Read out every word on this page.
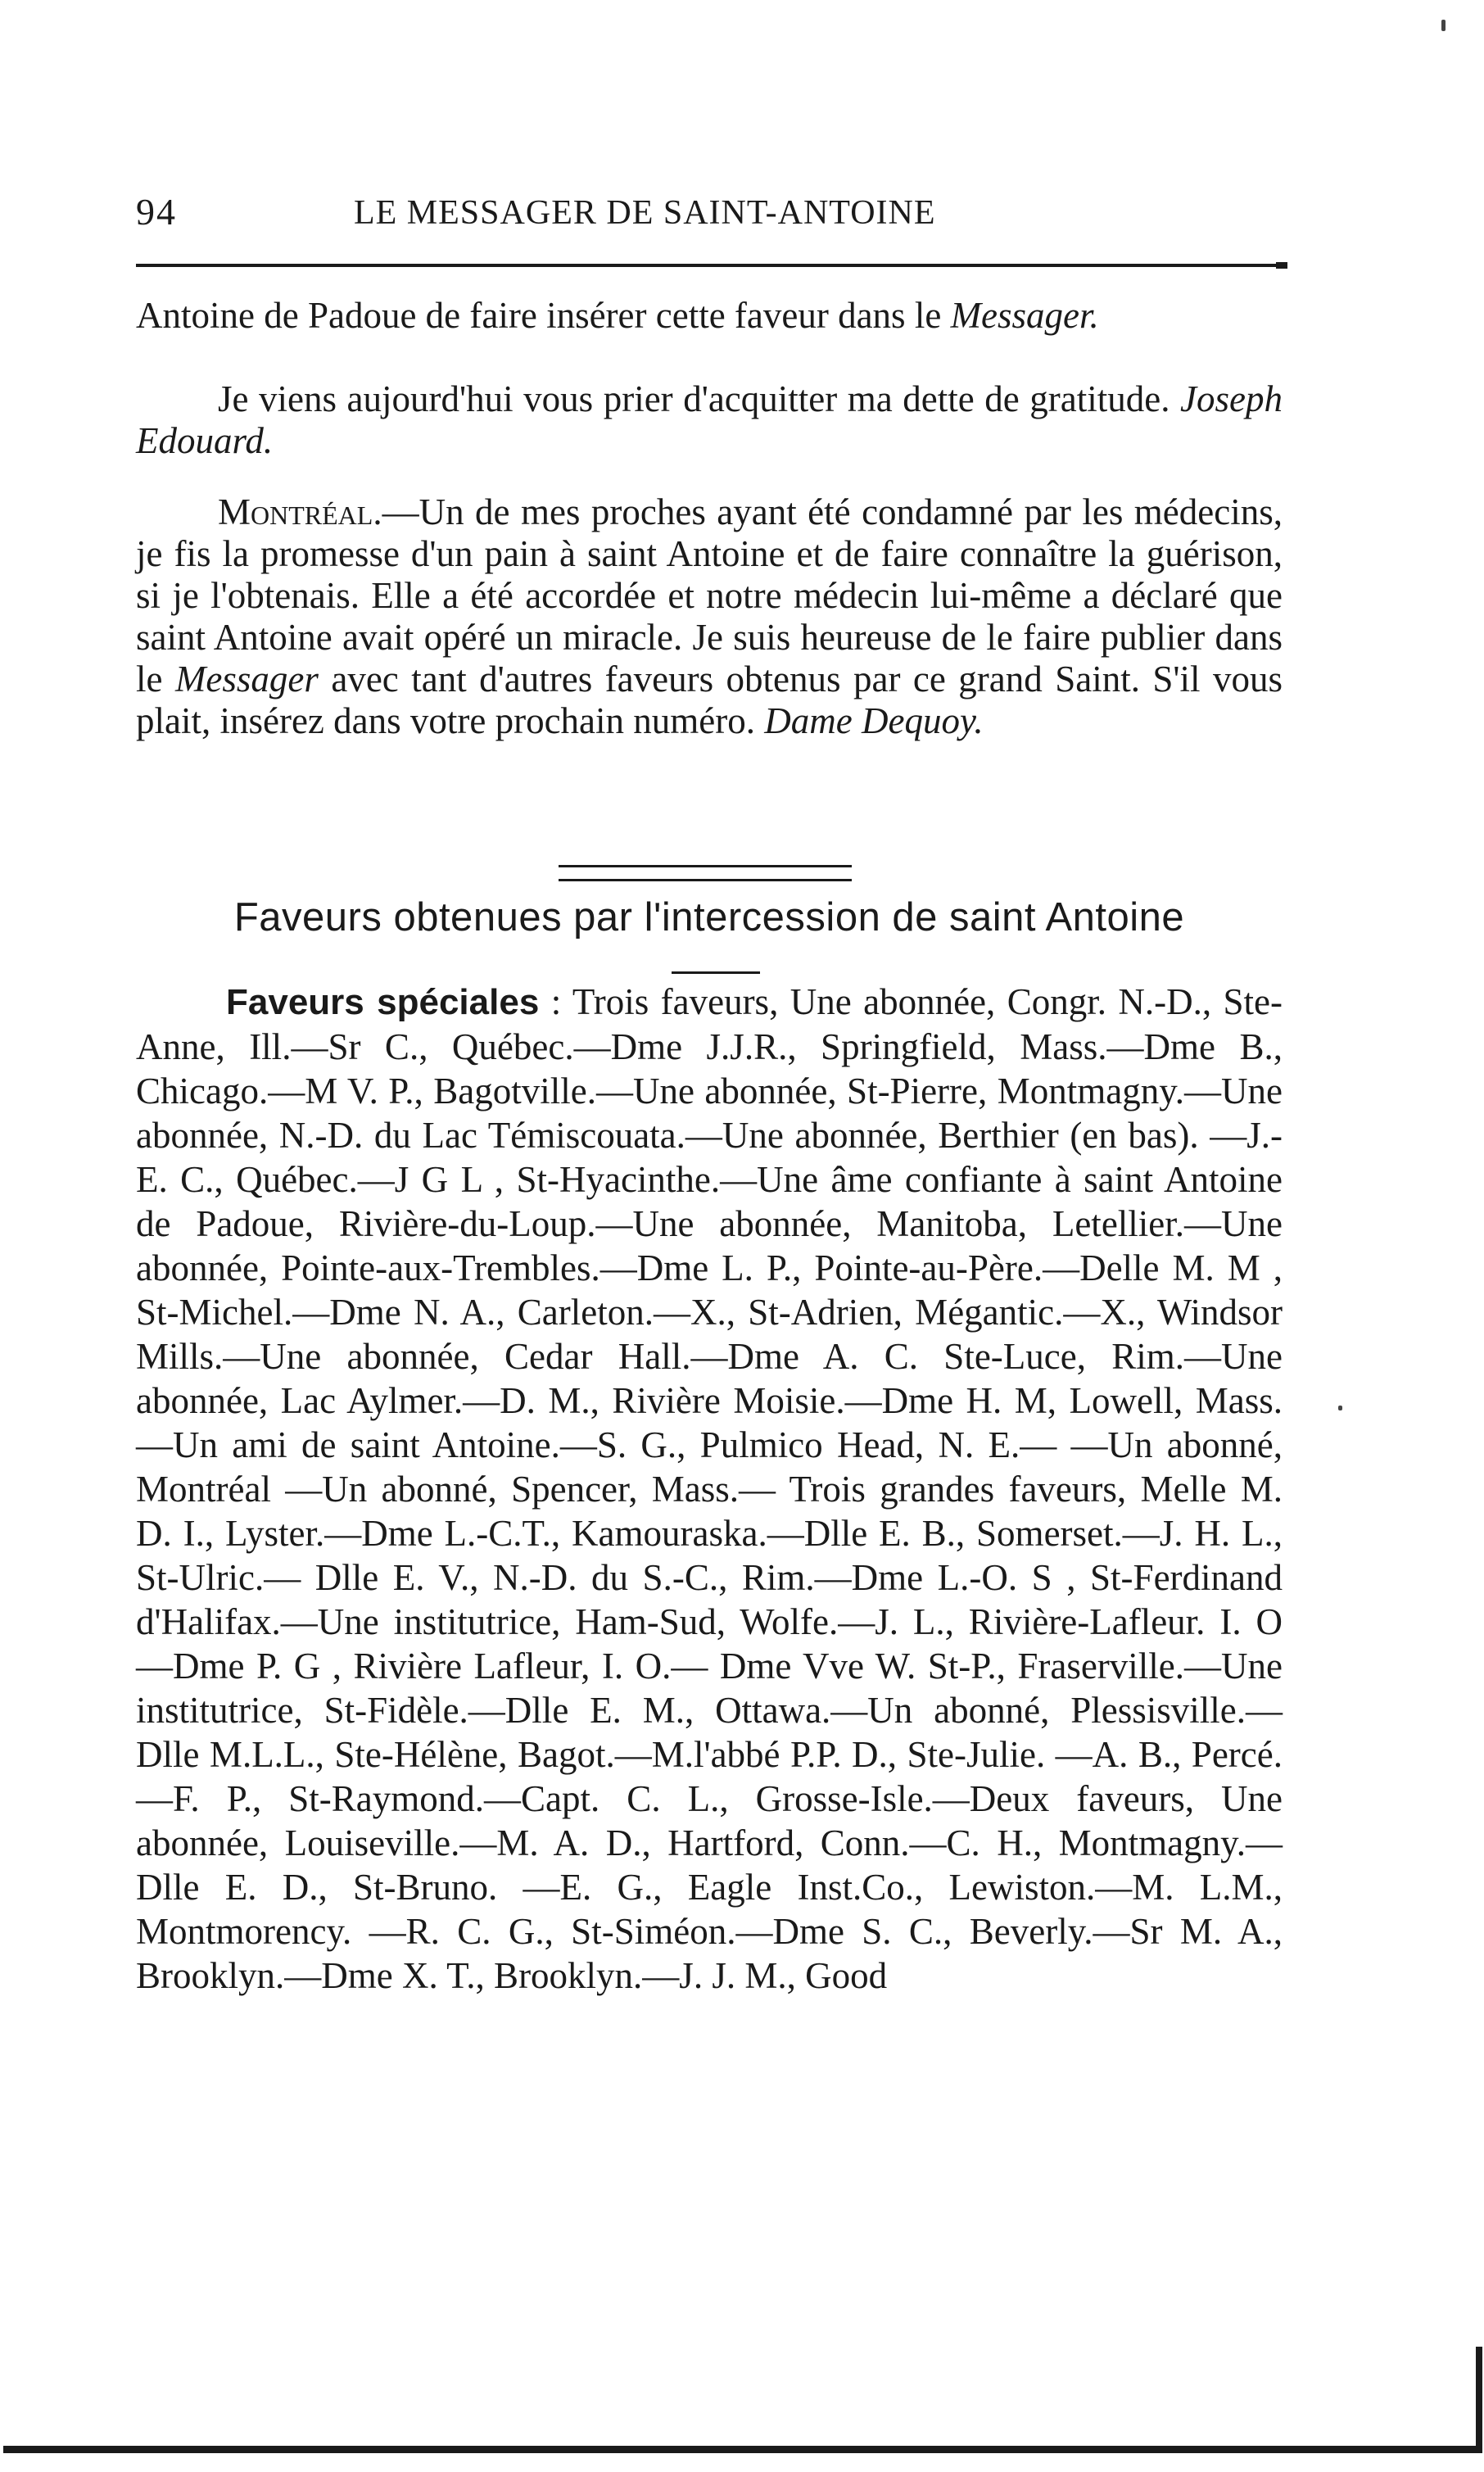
94	LE MESSAGER DE SAINT-ANTOINE

Antoine de Padoue de faire insérer cette faveur dans le Messager.

Je viens aujourd'hui vous prier d'acquitter ma dette de gratitude. Joseph Edouard.

Montréal.—Un de mes proches ayant été condamné par les médecins, je fis la promesse d'un pain à saint Antoine et de faire connaître la guérison, si je l'obtenais. Elle a été accordée et notre médecin lui-même a déclaré que saint Antoine avait opéré un miracle. Je suis heureuse de le faire publier dans le Messager avec tant d'autres faveurs obtenus par ce grand Saint. S'il vous plait, insérez dans votre prochain numéro. Dame Dequoy.

Faveurs obtenues par l'intercession de saint Antoine
Faveurs spéciales : Trois faveurs, Une abonnée, Congr. N.-D., Ste-Anne, Ill.—Sr C., Québec.—Dme J.J.R., Springfield, Mass.—Dme B., Chicago.—M V. P., Bagotville.—Une abonnée, St-Pierre, Montmagny.—Une abonnée, N.-D. du Lac Témiscouata.—Une abonnée, Berthier (en bas). —J.-E. C., Québec.—J G L , St-Hyacinthe.—Une âme confiante à saint Antoine de Padoue, Rivière-du-Loup.—Une abonnée, Manitoba, Letellier.—Une abonnée, Pointe-aux-Trembles.—Dme L. P., Pointe-au-Père.—Delle M. M , St-Michel.—Dme N. A., Carleton.—X., St-Adrien, Mégantic.—X., Windsor Mills.—Une abonnée, Cedar Hall.—Dme A. C. Ste-Luce, Rim.—Une abonnée, Lac Aylmer.—D. M., Rivière Moisie.—Dme H. M, Lowell, Mass.—Un ami de saint Antoine.—S. G., Pulmico Head, N. E.— —Un abonné, Montréal —Un abonné, Spencer, Mass.— Trois grandes faveurs, Melle M. D. I., Lyster.—Dme L.-C.T., Kamouraska.—Dlle E. B., Somerset.—J. H. L., St-Ulric.— Dlle E. V., N.-D. du S.-C., Rim.—Dme L.-O. S , St-Ferdinand d'Halifax.—Une institutrice, Ham-Sud, Wolfe.—J. L., Rivière-Lafleur. I. O —Dme P. G , Rivière Lafleur, I. O.— Dme Vve W. St-P., Fraserville.—Une institutrice, St-Fidèle.—Dlle E. M., Ottawa.—Un abonné, Plessisville.— Dlle M.L.L., Ste-Hélène, Bagot.—M.l'abbé P.P. D., Ste-Julie. —A. B., Percé.—F. P., St-Raymond.—Capt. C. L., Grosse-Isle.—Deux faveurs, Une abonnée, Louiseville.—M. A. D., Hartford, Conn.—C. H., Montmagny.—Dlle E. D., St-Bruno. —E. G., Eagle Inst.Co., Lewiston.—M. L.M., Montmorency. —R. C. G., St-Siméon.—Dme S. C., Beverly.—Sr M. A., Brooklyn.—Dme X. T., Brooklyn.—J. J. M., Good
